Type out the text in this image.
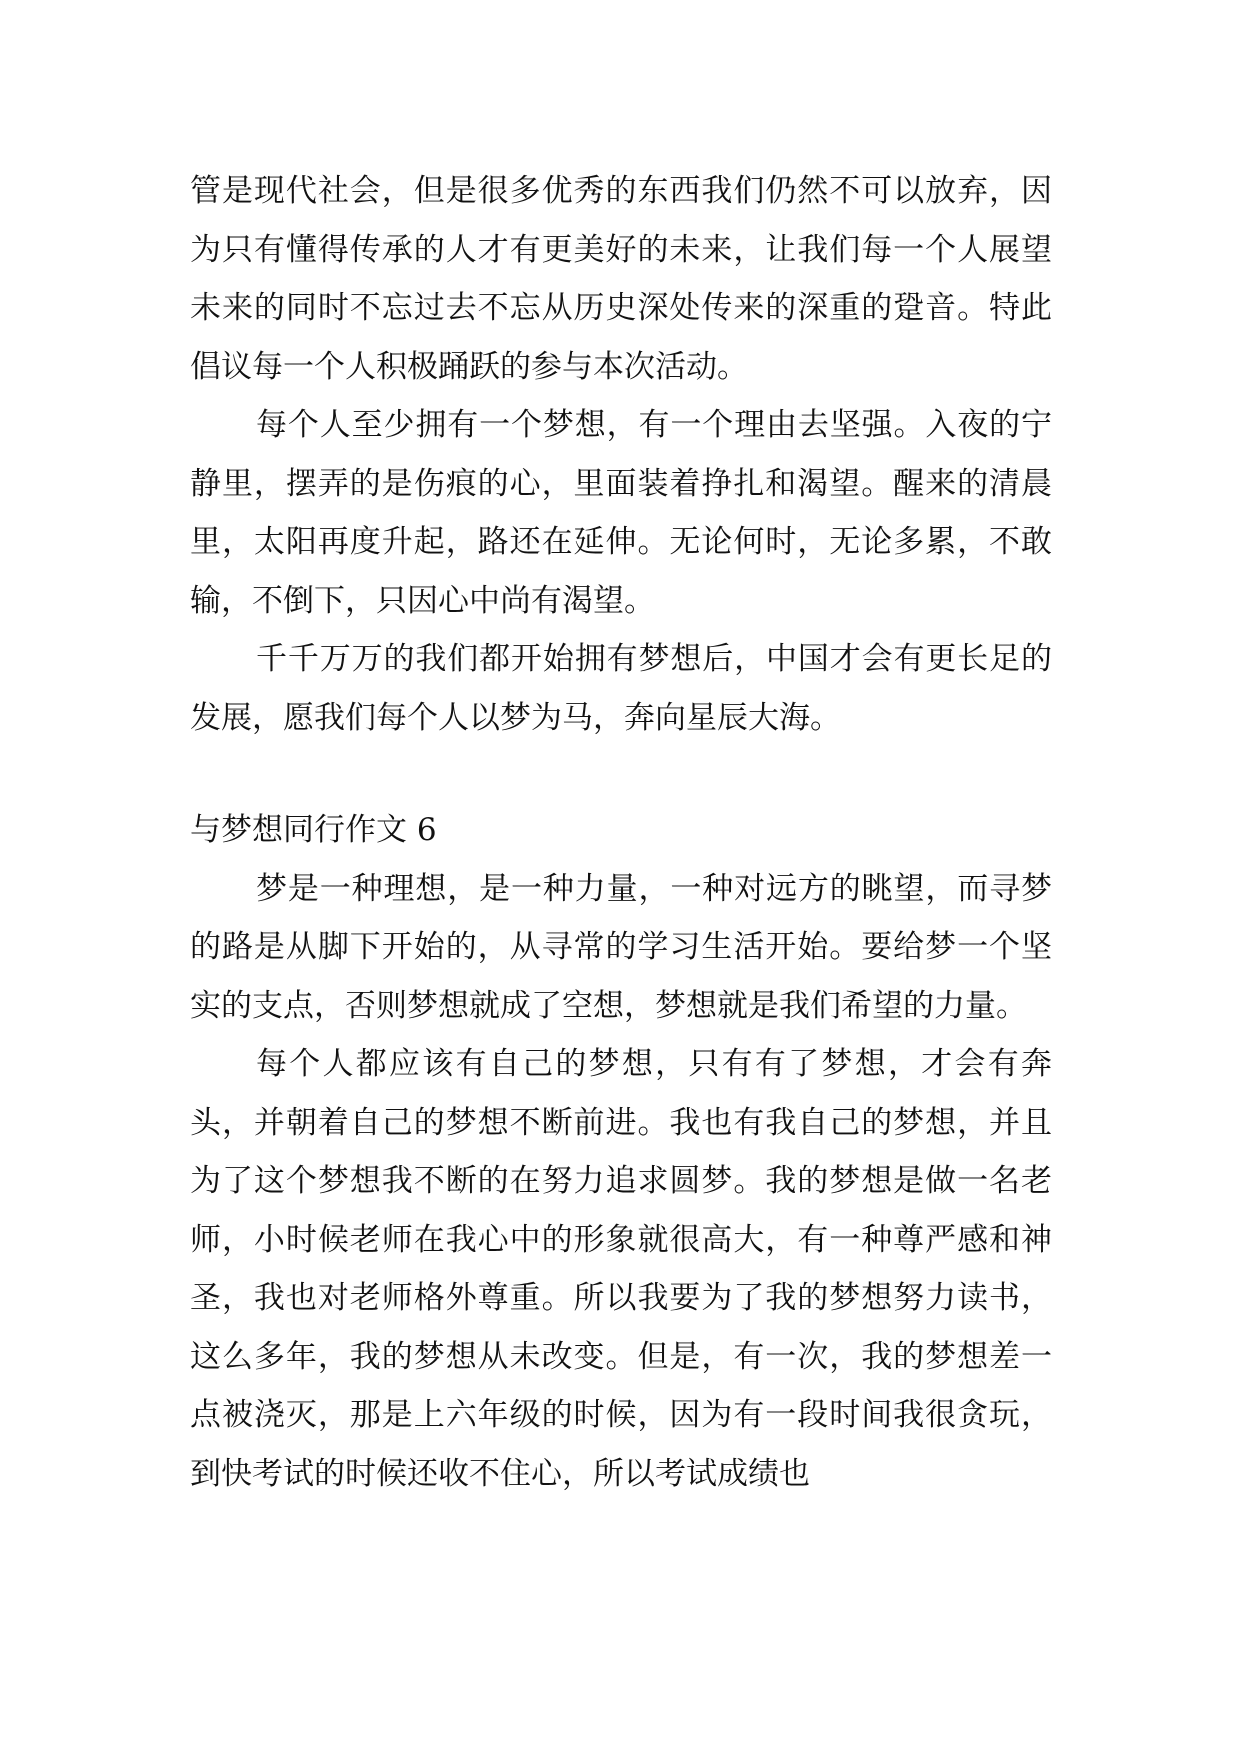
管是现代社会，但是很多优秀的东西我们仍然不可以放弃，因为只有懂得传承的人才有更美好的未来，让我们每一个人展望未来的同时不忘过去不忘从历史深处传来的深重的跫音。特此倡议每一个人积极踊跃的参与本次活动。

每个人至少拥有一个梦想，有一个理由去坚强。入夜的宁静里，摆弄的是伤痕的心，里面装着挣扎和渴望。醒来的清晨里，太阳再度升起，路还在延伸。无论何时，无论多累，不敢输，不倒下，只因心中尚有渴望。

千千万万的我们都开始拥有梦想后，中国才会有更长足的发展，愿我们每个人以梦为马，奔向星辰大海。

与梦想同行作文 6

梦是一种理想，是一种力量，一种对远方的眺望，而寻梦的路是从脚下开始的，从寻常的学习生活开始。要给梦一个坚实的支点，否则梦想就成了空想，梦想就是我们希望的力量。

每个人都应该有自己的梦想，只有有了梦想，才会有奔头，并朝着自己的梦想不断前进。我也有我自己的梦想，并且为了这个梦想我不断的在努力追求圆梦。我的梦想是做一名老师，小时候老师在我心中的形象就很高大，有一种尊严感和神圣，我也对老师格外尊重。所以我要为了我的梦想努力读书，这么多年，我的梦想从未改变。但是，有一次，我的梦想差一点被浇灭，那是上六年级的时候，因为有一段时间我很贪玩，到快考试的时候还收不住心，所以考试成绩也
